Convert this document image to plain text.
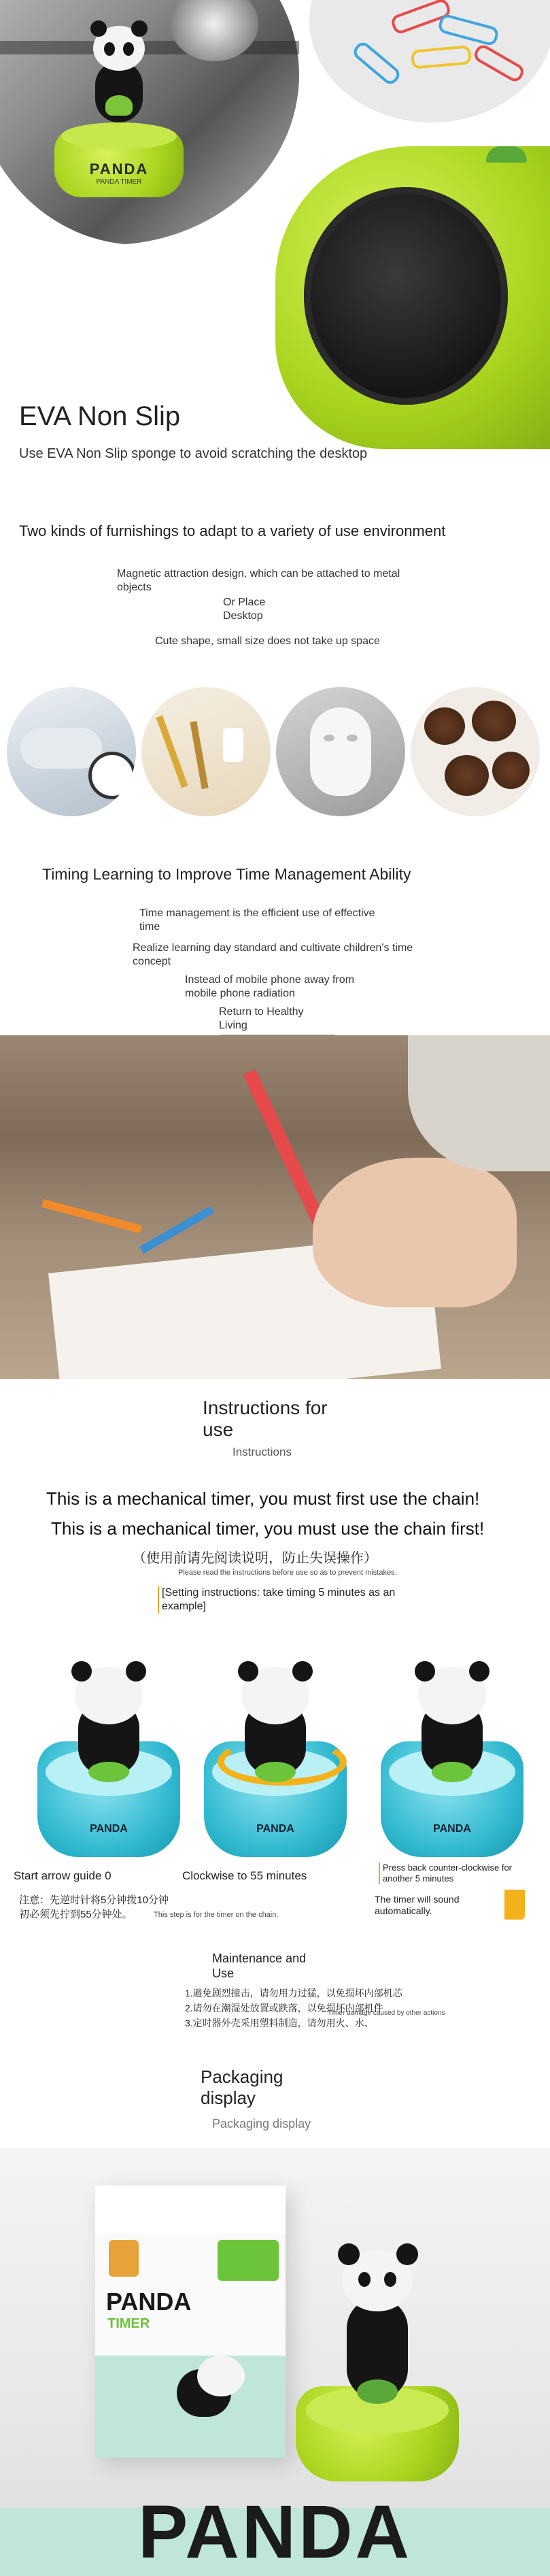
PANDA
PANDA TIMER
EVA Non Slip
Use EVA Non Slip sponge to avoid scratching the desktop
Two kinds of furnishings to adapt to a variety of use environment
Magnetic attraction design, which can be attached to metal objects
Or Place Desktop
Cute shape, small size does not take up space
Timing Learning to Improve Time Management Ability
Time management is the efficient use of effective time
Realize learning day standard and cultivate children's time concept
Instead of mobile phone away from mobile phone radiation
Return to Healthy Living
Instructions for use
Instructions
This is a mechanical timer, you must first use the chain!
This is a mechanical timer, you must use the chain first!
（使用前请先阅读说明，防止失误操作）
Please read the instructions before use so as to prevent mistakes.
[Setting instructions: take timing 5 minutes as an example]
PANDA	PANDA	PANDA
Start arrow guide 0	Clockwise to 55 minutes
Press back counter-clockwise for another 5 minutes
The timer will sound automatically.
注意：先逆时针将5分钟拨10分钟
初必须先拧到55分钟处。	This step is for the timer on the chain.
Maintenance and Use
1.避免剧烈撞击，请勿用力过猛，以免损坏内部机芯
2.请勿在潮湿处放置或跌落，以免损坏内部机件
3.定时器外壳采用塑料制造，请勿用火、水、
Timer damage caused by other actions
Packaging display
Packaging display
PANDA
TIMER
PANDA
